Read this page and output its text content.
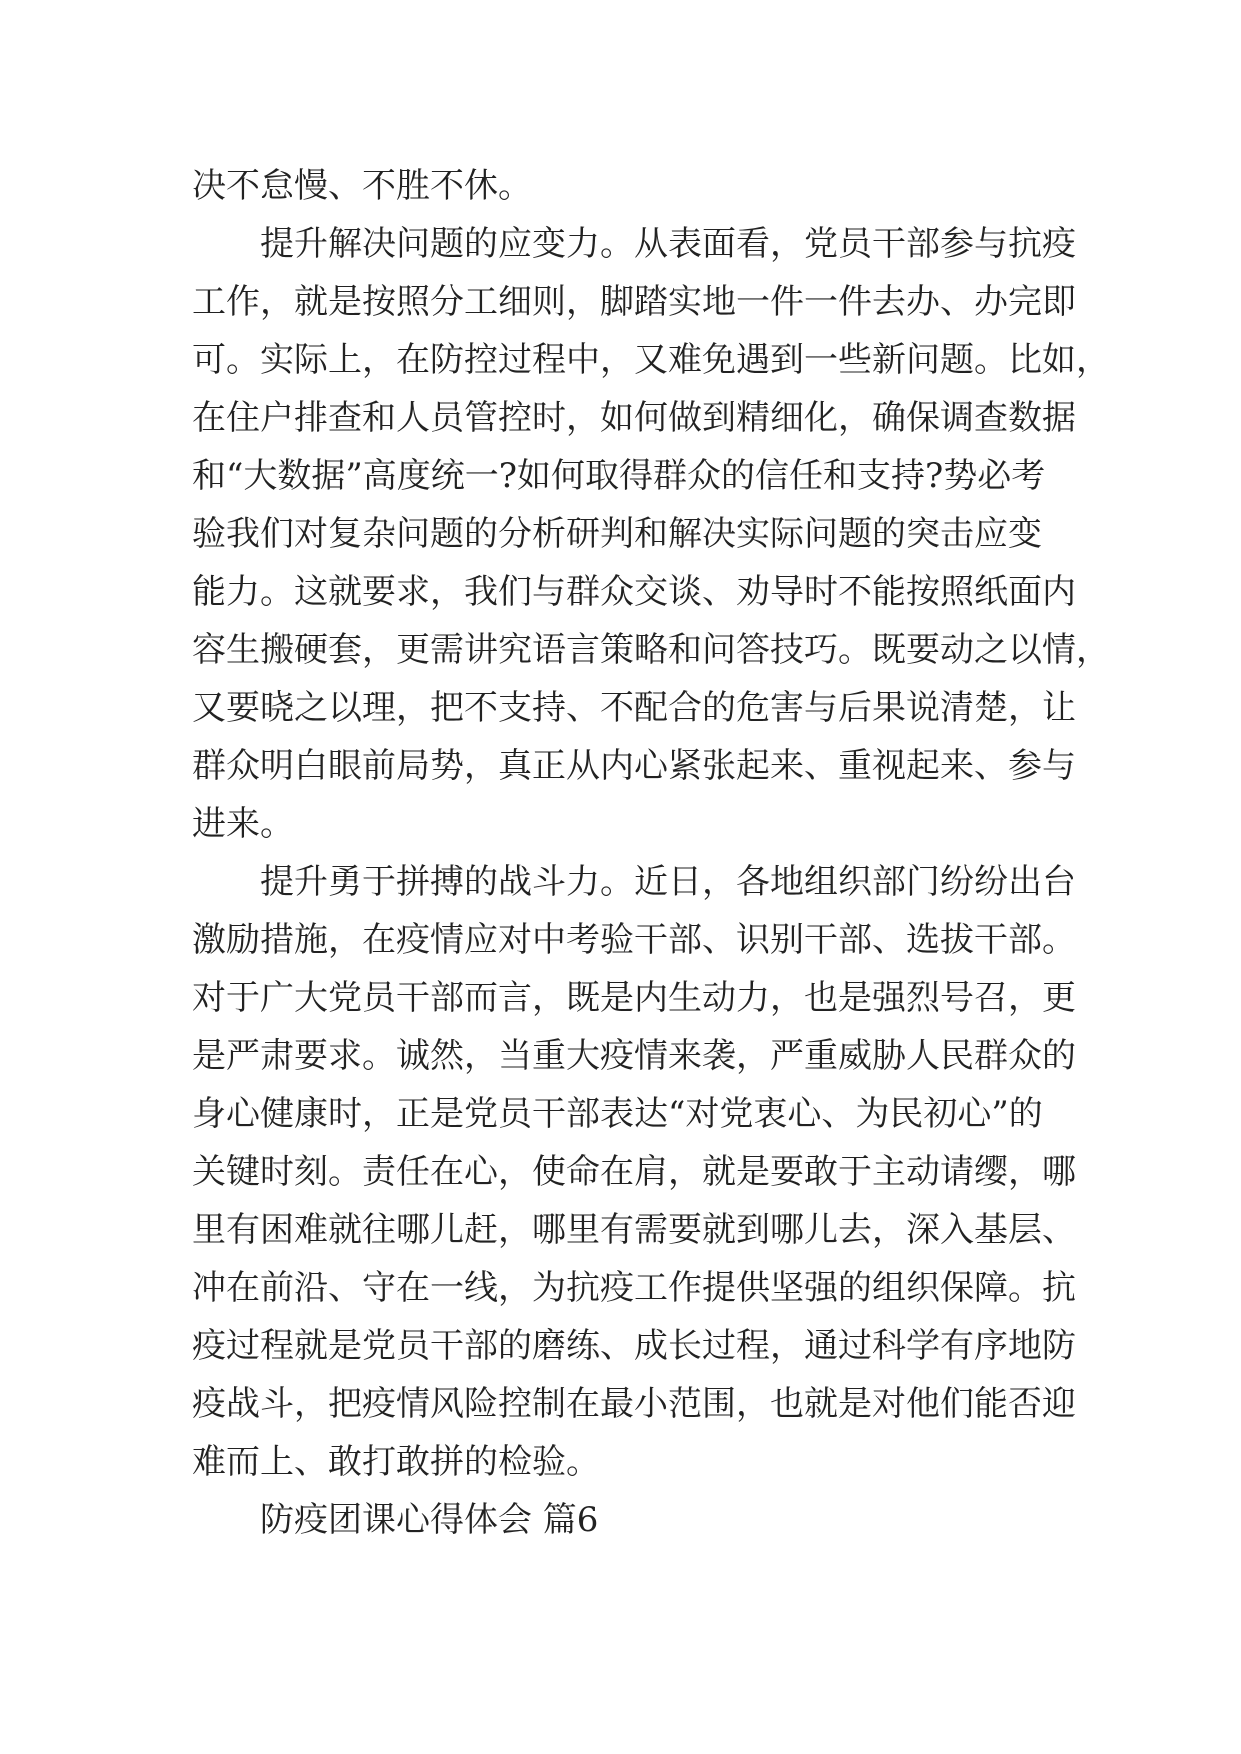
决不怠慢、不胜不休。
提升解决问题的应变力。从表面看，党员干部参与抗疫
工作，就是按照分工细则，脚踏实地一件一件去办、办完即
可。实际上，在防控过程中，又难免遇到一些新问题。比如，
在住户排查和人员管控时，如何做到精细化，确保调查数据
和“大数据”高度统一?如何取得群众的信任和支持?势必考
验我们对复杂问题的分析研判和解决实际问题的突击应变
能力。这就要求，我们与群众交谈、劝导时不能按照纸面内
容生搬硬套，更需讲究语言策略和问答技巧。既要动之以情，
又要晓之以理，把不支持、不配合的危害与后果说清楚，让
群众明白眼前局势，真正从内心紧张起来、重视起来、参与
进来。
提升勇于拼搏的战斗力。近日，各地组织部门纷纷出台
激励措施，在疫情应对中考验干部、识别干部、选拔干部。
对于广大党员干部而言，既是内生动力，也是强烈号召，更
是严肃要求。诚然，当重大疫情来袭，严重威胁人民群众的
身心健康时，正是党员干部表达“对党衷心、为民初心”的
关键时刻。责任在心，使命在肩，就是要敢于主动请缨，哪
里有困难就往哪儿赶，哪里有需要就到哪儿去，深入基层、
冲在前沿、守在一线，为抗疫工作提供坚强的组织保障。抗
疫过程就是党员干部的磨练、成长过程，通过科学有序地防
疫战斗，把疫情风险控制在最小范围，也就是对他们能否迎
难而上、敢打敢拼的检验。
防疫团课心得体会 篇6
